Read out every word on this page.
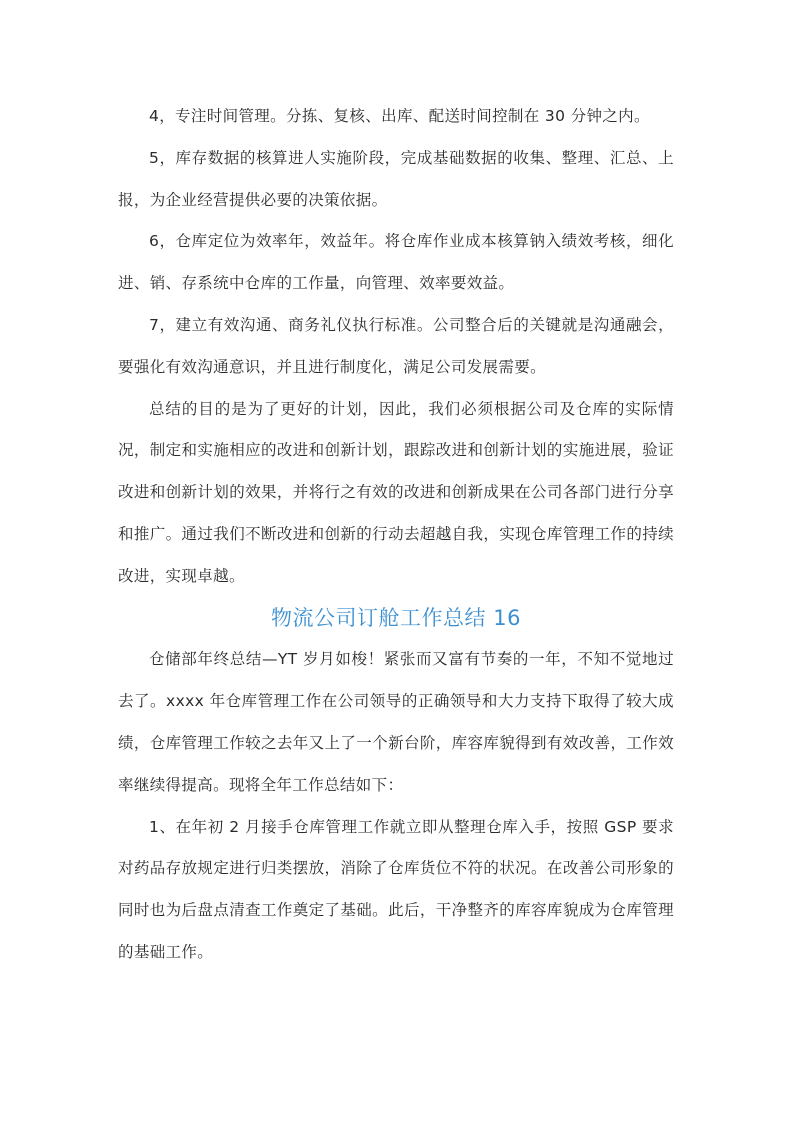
4，专注时间管理。分拣、复核、出库、配送时间控制在 30 分钟之内。

5，库存数据的核算进人实施阶段，完成基础数据的收集、整理、汇总、上报，为企业经营提供必要的决策依据。

6，仓库定位为效率年，效益年。将仓库作业成本核算钠入绩效考核，细化进、销、存系统中仓库的工作量，向管理、效率要效益。

7，建立有效沟通、商务礼仪执行标准。公司整合后的关键就是沟通融会，要强化有效沟通意识，并且进行制度化，满足公司发展需要。

总结的目的是为了更好的计划，因此，我们必须根据公司及仓库的实际情况，制定和实施相应的改进和创新计划，跟踪改进和创新计划的实施进展，验证改进和创新计划的效果，并将行之有效的改进和创新成果在公司各部门进行分享和推广。通过我们不断改进和创新的行动去超越自我，实现仓库管理工作的持续改进，实现卓越。

物流公司订舱工作总结 16

仓储部年终总结—YT 岁月如梭！紧张而又富有节奏的一年，不知不觉地过去了。xxxx 年仓库管理工作在公司领导的正确领导和大力支持下取得了较大成绩，仓库管理工作较之去年又上了一个新台阶，库容库貌得到有效改善，工作效率继续得提高。现将全年工作总结如下：

1、在年初 2 月接手仓库管理工作就立即从整理仓库入手，按照 GSP 要求对药品存放规定进行归类摆放，消除了仓库货位不符的状况。在改善公司形象的同时也为后盘点清查工作奠定了基础。此后，干净整齐的库容库貌成为仓库管理的基础工作。
